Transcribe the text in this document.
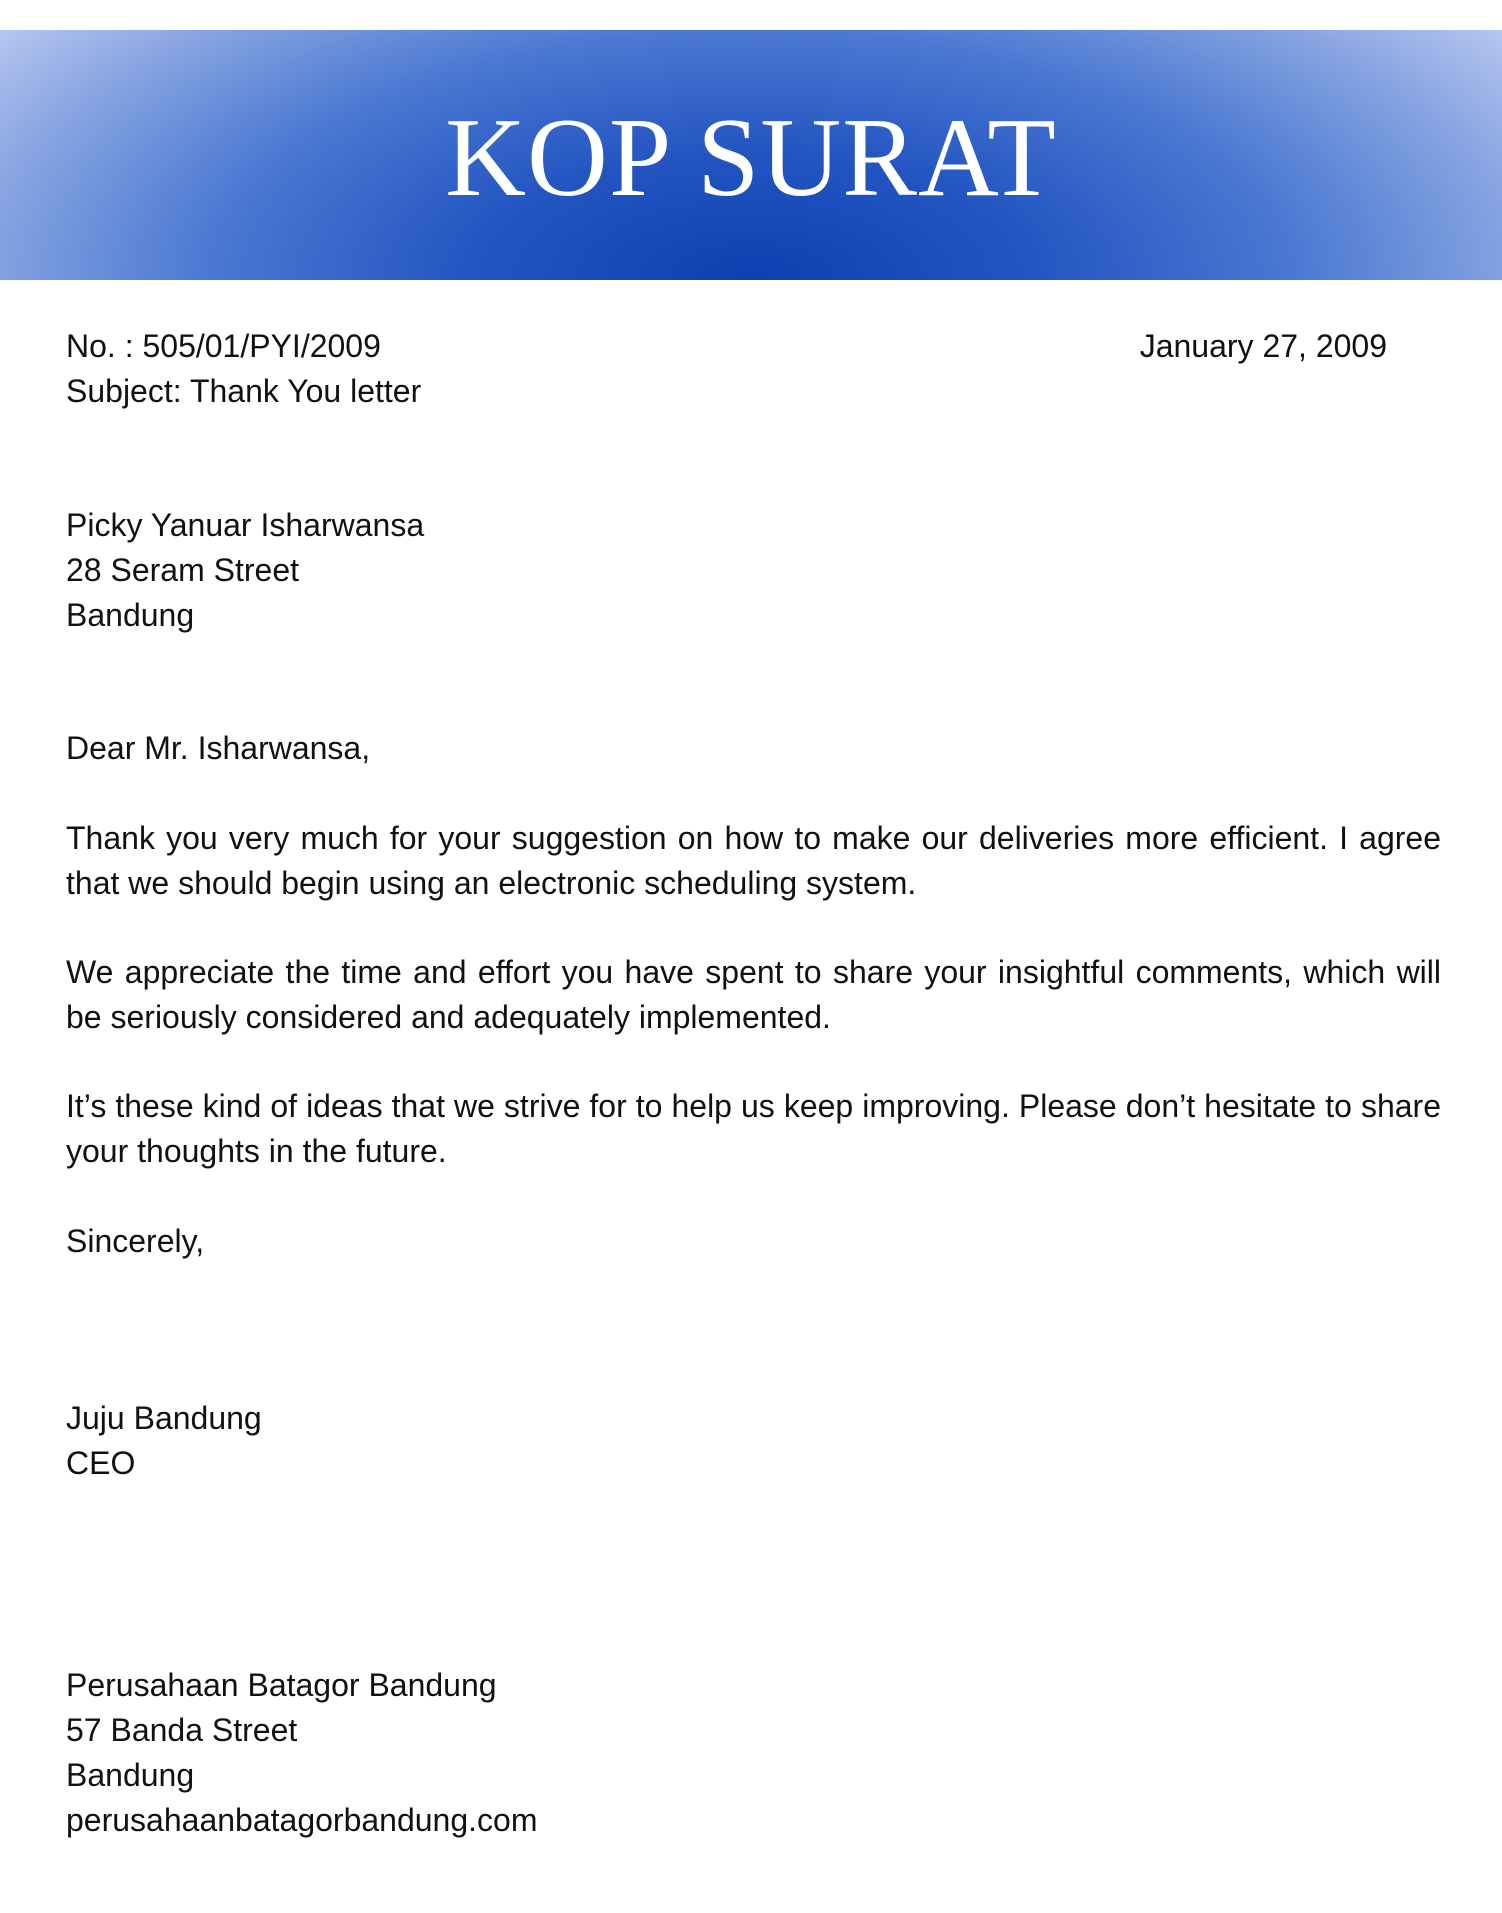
KOP SURAT
No. : 505/01/PYI/2009
Subject: Thank You letter
January 27, 2009
Picky Yanuar Isharwansa
28 Seram Street
Bandung
Dear Mr. Isharwansa,
Thank you very much for your suggestion on how to make our deliveries more efficient. I agree that we should begin using an electronic scheduling system.
We appreciate the time and effort you have spent to share your insightful comments, which will be seriously considered and adequately implemented.
It’s these kind of ideas that we strive for to help us keep improving. Please don’t hesitate to share your thoughts in the future.
Sincerely,
Juju Bandung
CEO
Perusahaan Batagor Bandung
57 Banda Street
Bandung
perusahaanbatagorbandung.com
